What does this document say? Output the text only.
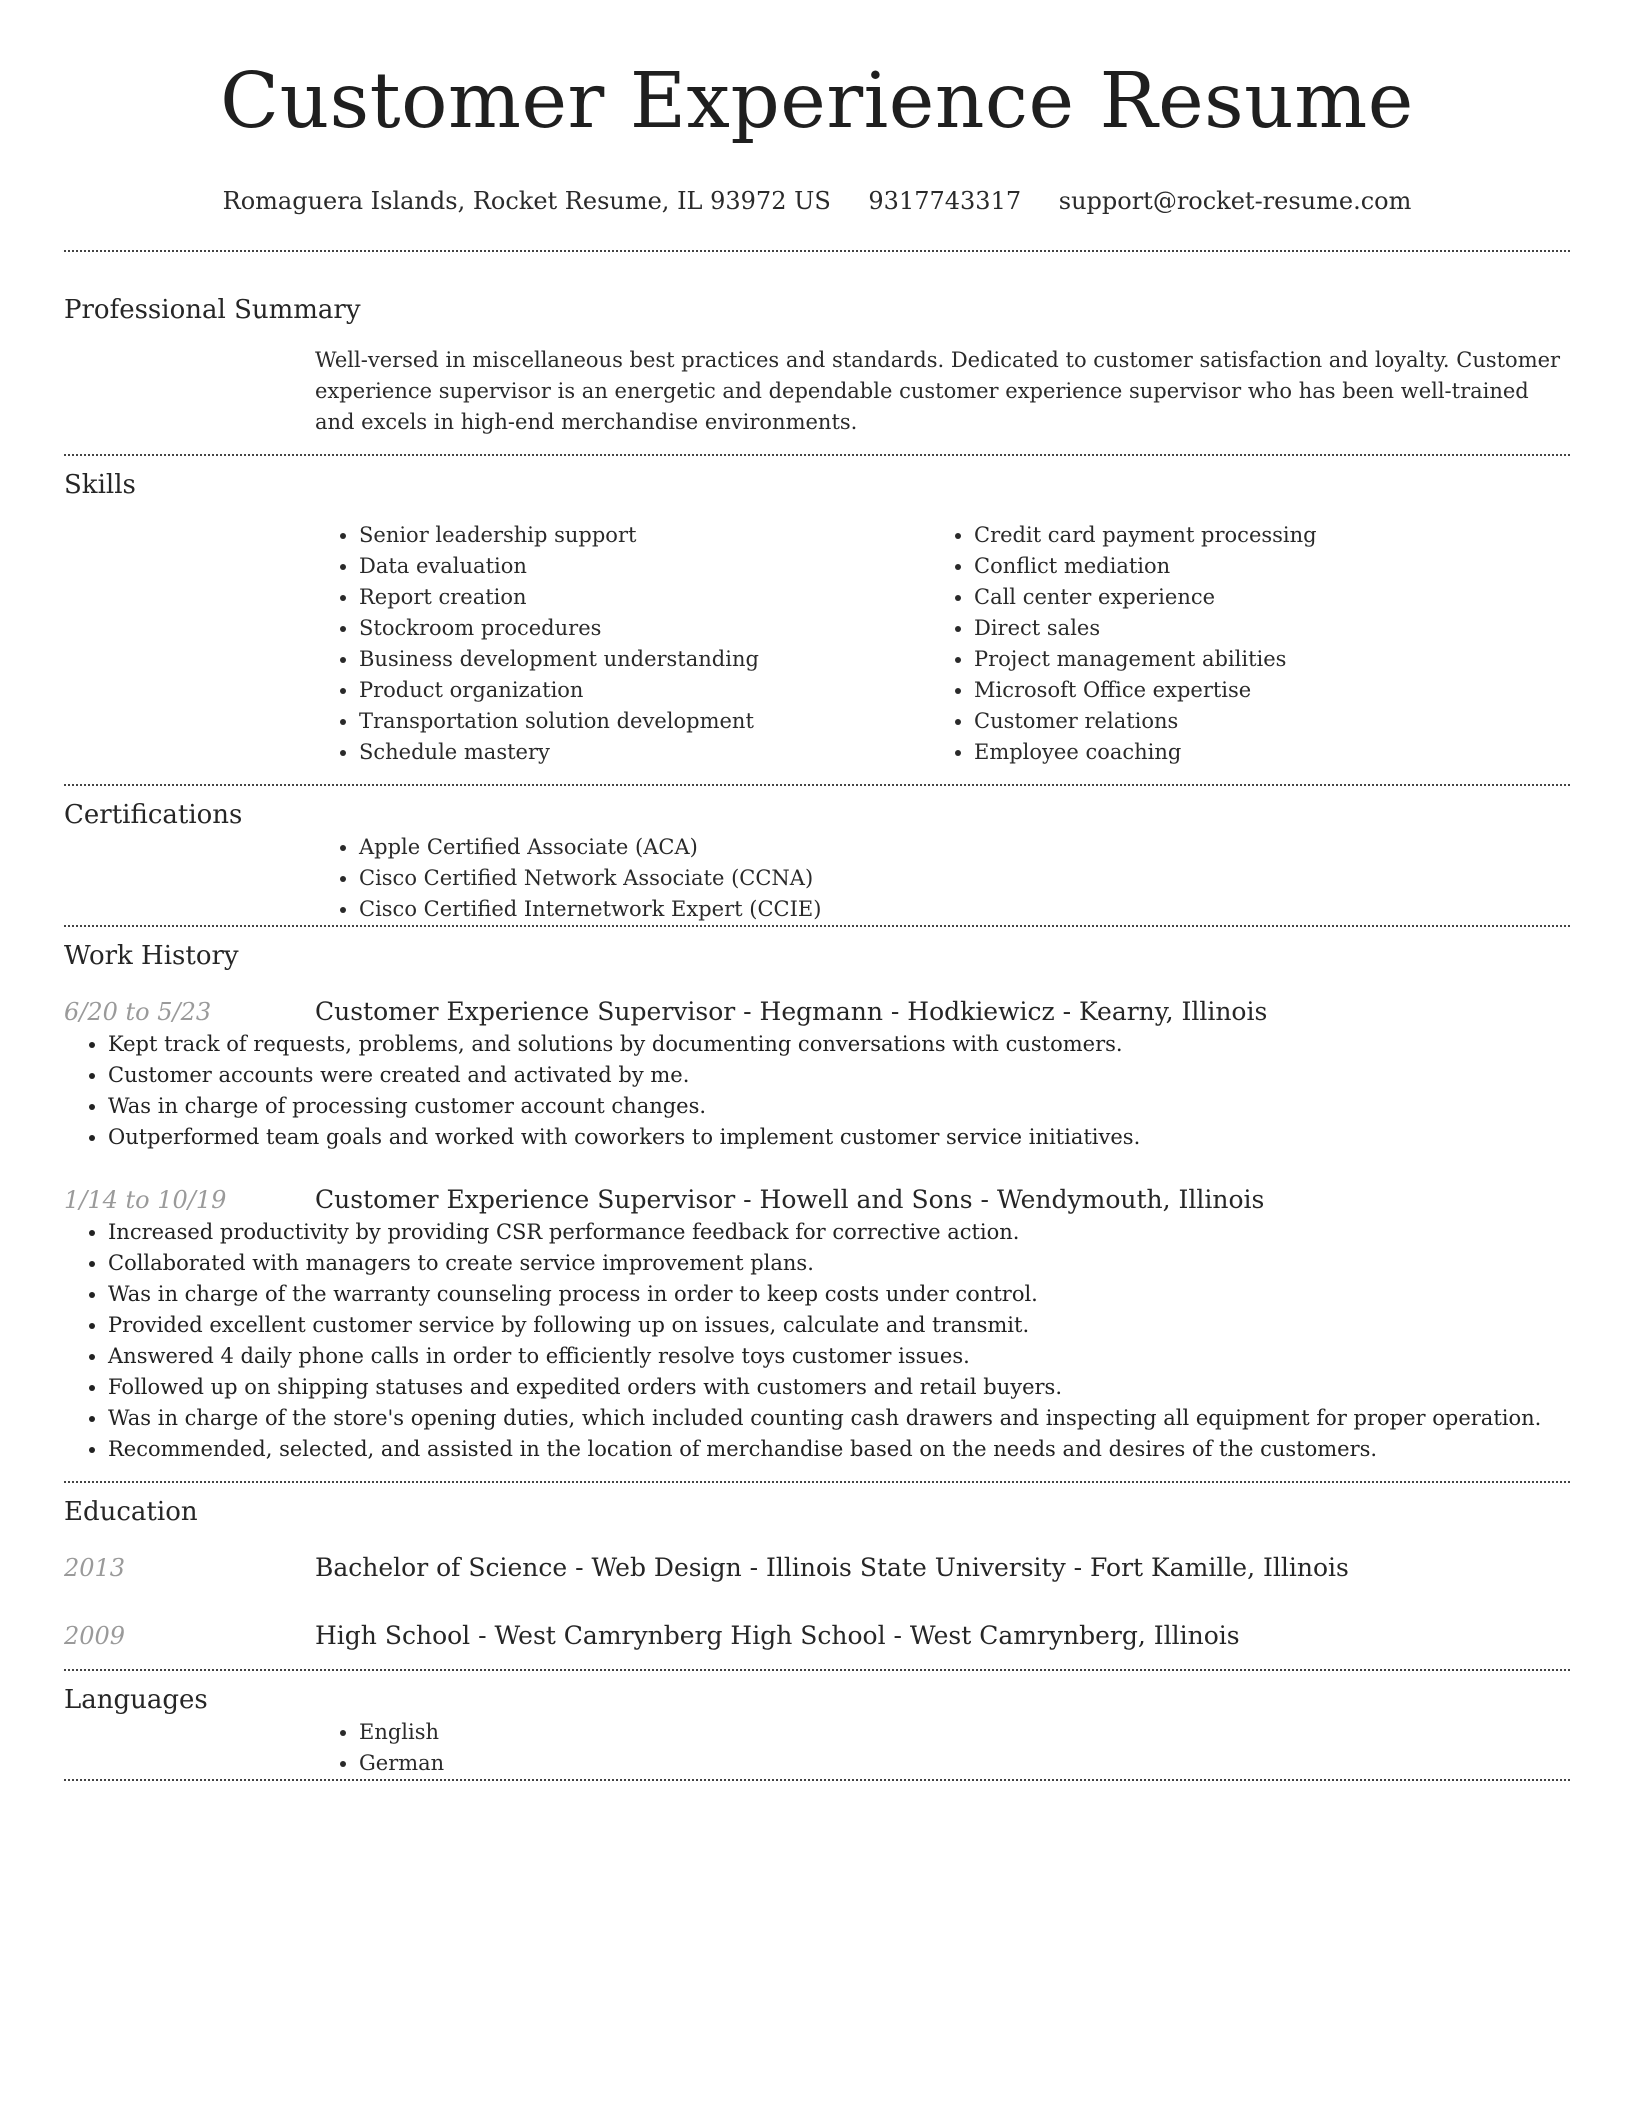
Customer Experience Resume
Romaguera Islands, Rocket Resume, IL 93972 US 9317743317 support@rocket-resume.com
Professional Summary

Well-versed in miscellaneous best practices and standards. Dedicated to customer satisfaction and loyalty. Customer experience supervisor is an energetic and dependable customer experience supervisor who has been well-trained and excels in high-end merchandise environments.

Skills
• Senior leadership support
• Data evaluation
• Report creation
• Stockroom procedures
• Business development understanding
• Product organization
• Transportation solution development
• Schedule mastery
• Credit card payment processing
• Conflict mediation
• Call center experience
• Direct sales
• Project management abilities
• Microsoft Office expertise
• Customer relations
• Employee coaching
Certifications
• Apple Certified Associate (ACA)
• Cisco Certified Network Associate (CCNA)
• Cisco Certified Internetwork Expert (CCIE)
Work History
6/20 to 5/23	Customer Experience Supervisor - Hegmann - Hodkiewicz - Kearny, Illinois
• Kept track of requests, problems, and solutions by documenting conversations with customers.
• Customer accounts were created and activated by me.
• Was in charge of processing customer account changes.
• Outperformed team goals and worked with coworkers to implement customer service initiatives.
1/14 to 10/19	Customer Experience Supervisor - Howell and Sons - Wendymouth, Illinois
• Increased productivity by providing CSR performance feedback for corrective action.
• Collaborated with managers to create service improvement plans.
• Was in charge of the warranty counseling process in order to keep costs under control.
• Provided excellent customer service by following up on issues, calculate and transmit.
• Answered 4 daily phone calls in order to efficiently resolve toys customer issues.
• Followed up on shipping statuses and expedited orders with customers and retail buyers.
• Was in charge of the store's opening duties, which included counting cash drawers and inspecting all equipment for proper operation.
• Recommended, selected, and assisted in the location of merchandise based on the needs and desires of the customers.
Education
2013	Bachelor of Science - Web Design - Illinois State University - Fort Kamille, Illinois
2009	High School - West Camrynberg High School - West Camrynberg, Illinois
Languages
• English
• German
